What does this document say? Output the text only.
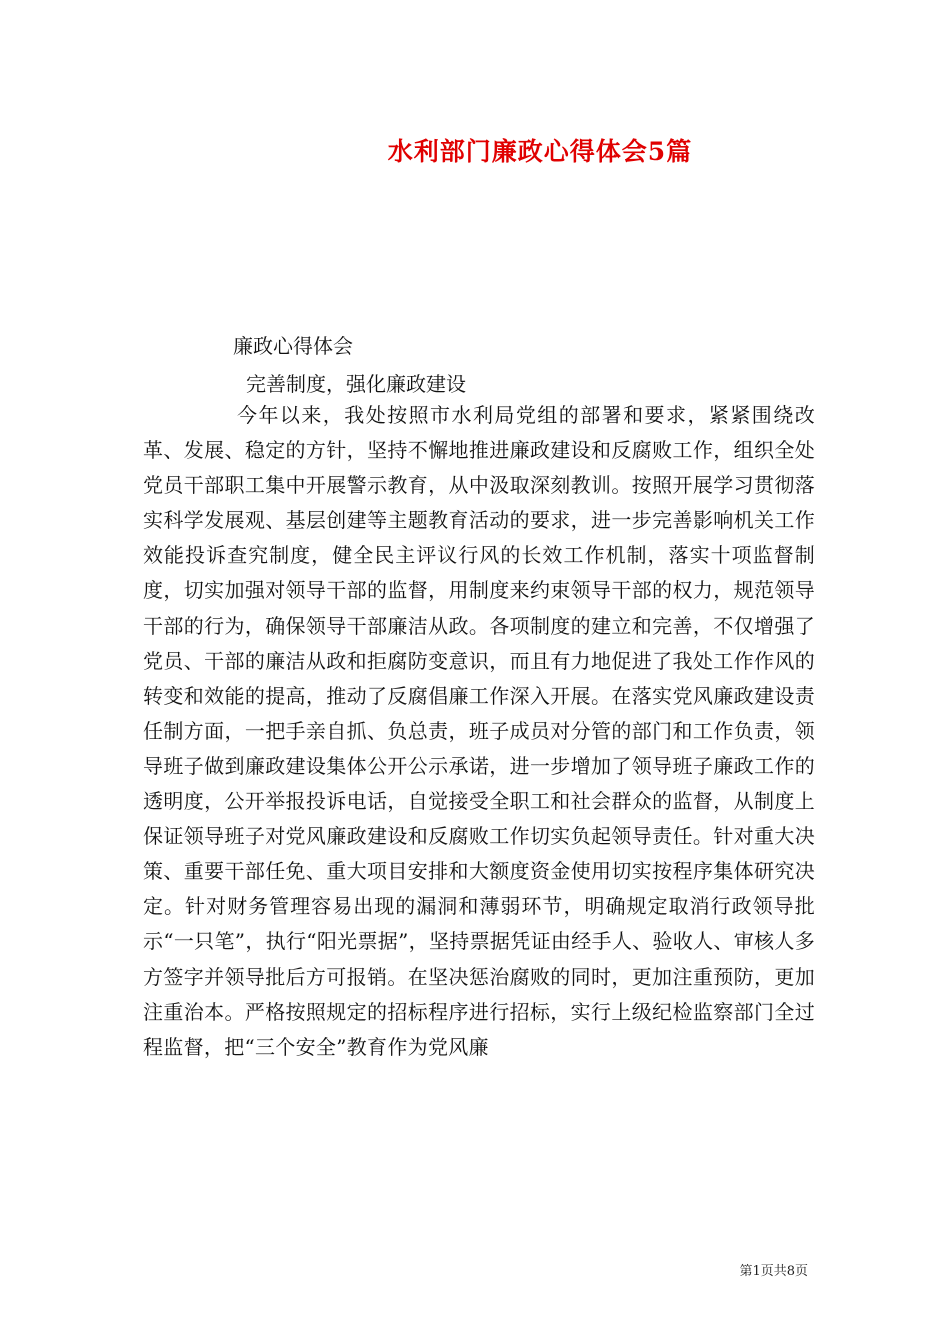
水利部门廉政心得体会5篇

廉政心得体会

完善制度，强化廉政建设

今年以来，我处按照市水利局党组的部署和要求，紧紧围绕改革、发展、稳定的方针，坚持不懈地推进廉政建设和反腐败工作，组织全处党员干部职工集中开展警示教育，从中汲取深刻教训。按照开展学习贯彻落实科学发展观、基层创建等主题教育活动的要求，进一步完善影响机关工作效能投诉查究制度，健全民主评议行风的长效工作机制，落实十项监督制度，切实加强对领导干部的监督，用制度来约束领导干部的权力，规范领导干部的行为，确保领导干部廉洁从政。各项制度的建立和完善，不仅增强了党员、干部的廉洁从政和拒腐防变意识，而且有力地促进了我处工作作风的转变和效能的提高，推动了反腐倡廉工作深入开展。在落实党风廉政建设责任制方面，一把手亲自抓、负总责，班子成员对分管的部门和工作负责，领导班子做到廉政建设集体公开公示承诺，进一步增加了领导班子廉政工作的透明度，公开举报投诉电话，自觉接受全职工和社会群众的监督，从制度上保证领导班子对党风廉政建设和反腐败工作切实负起领导责任。针对重大决策、重要干部任免、重大项目安排和大额度资金使用切实按程序集体研究决定。针对财务管理容易出现的漏洞和薄弱环节，明确规定取消行政领导批示“一只笔”，执行“阳光票据”，坚持票据凭证由经手人、验收人、审核人多方签字并领导批后方可报销。在坚决惩治腐败的同时，更加注重预防，更加注重治本。严格按照规定的招标程序进行招标，实行上级纪检监察部门全过程监督，把“三个安全”教育作为党风廉

第1页共8页
